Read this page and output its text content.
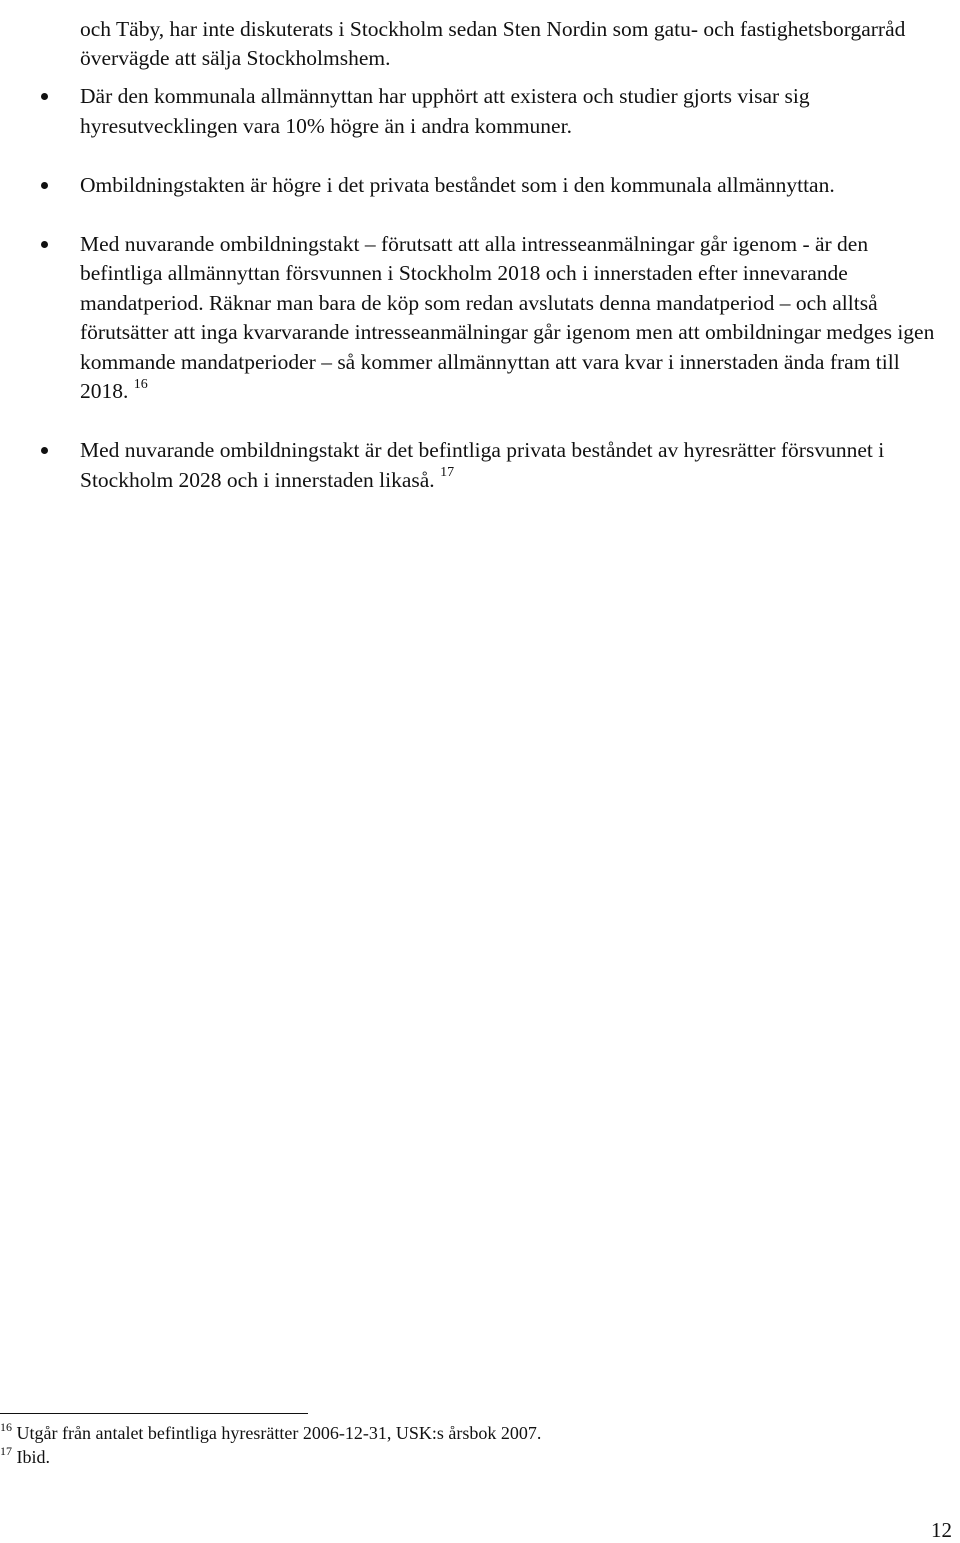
och Täby, har inte diskuterats i Stockholm sedan Sten Nordin som gatu- och fastighetsborgarråd övervägde att sälja Stockholmshem.

Där den kommunala allmännyttan har upphört att existera och studier gjorts visar sig hyresutvecklingen vara 10% högre än i andra kommuner.
Ombildningstakten är högre i det privata beståndet som i den kommunala allmännyttan.
Med nuvarande ombildningstakt – förutsatt att alla intresseanmälningar går igenom - är den befintliga allmännyttan försvunnen i Stockholm 2018 och i innerstaden efter innevarande mandatperiod. Räknar man bara de köp som redan avslutats denna mandatperiod – och alltså förutsätter att inga kvarvarande intresseanmälningar går igenom men att ombildningar medges igen kommande mandatperioder – så kommer allmännyttan att vara kvar i innerstaden ända fram till 2018. $^{16}$
Med nuvarande ombildningstakt är det befintliga privata beståndet av hyresrätter försvunnet i Stockholm 2028 och i innerstaden likaså. $^{17}$

$^{16}$ Utgår från antalet befintliga hyresrätter 2006-12-31, USK:s årsbok 2007.

$^{17}$ Ibid.

12
